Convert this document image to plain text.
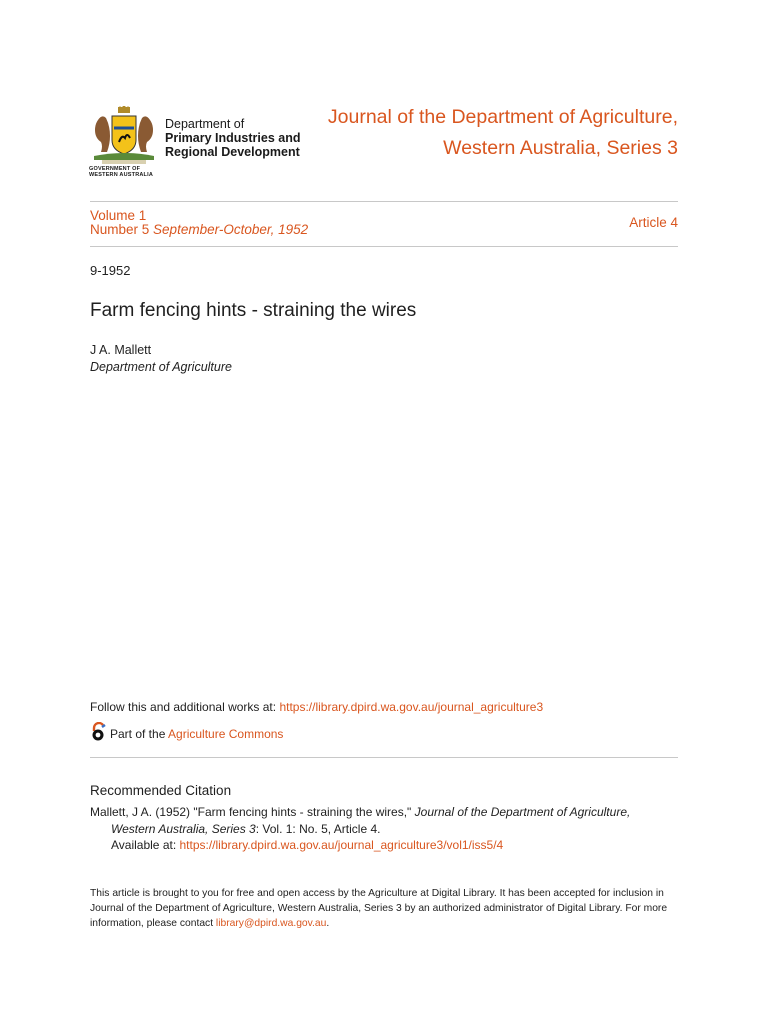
Department of
Primary Industries and
Regional Development
GOVERNMENT OF
WESTERN AUSTRALIA
Journal of the Department of Agriculture,
Western Australia, Series 3
Volume 1
Number 5 September-October, 1952	Article 4
9-1952
Farm fencing hints - straining the wires
J A. Mallett
Department of Agriculture
Follow this and additional works at: https://library.dpird.wa.gov.au/journal_agriculture3
Part of the Agriculture Commons
Recommended Citation
Mallett, J A. (1952) "Farm fencing hints - straining the wires," Journal of the Department of Agriculture,
Western Australia, Series 3: Vol. 1: No. 5, Article 4.
Available at: https://library.dpird.wa.gov.au/journal_agriculture3/vol1/iss5/4
This article is brought to you for free and open access by the Agriculture at Digital Library. It has been accepted for inclusion in Journal of the Department of Agriculture, Western Australia, Series 3 by an authorized administrator of Digital Library. For more information, please contact library@dpird.wa.gov.au.
